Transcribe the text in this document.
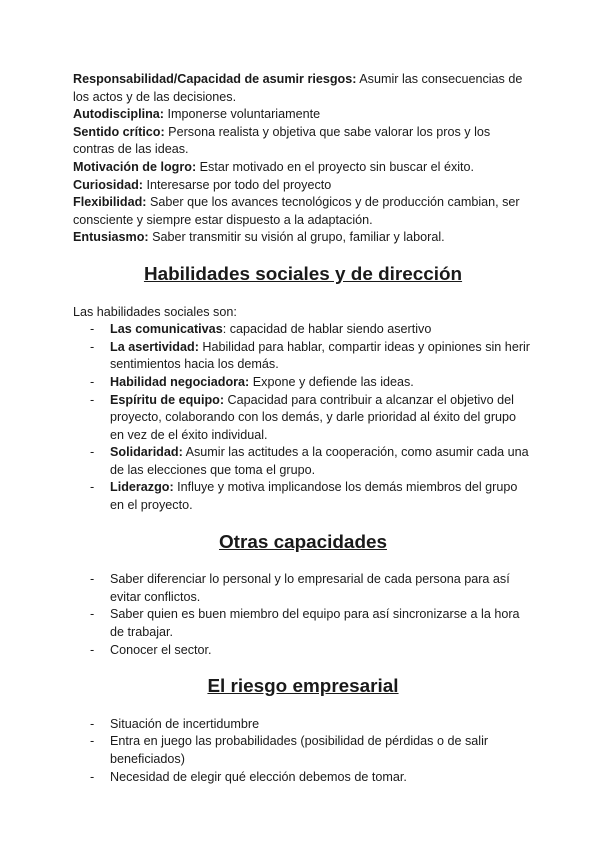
Responsabilidad/Capacidad de asumir riesgos: Asumir las consecuencias de los actos y de las decisiones.

Autodisciplina: Imponerse voluntariamente

Sentido crítico: Persona realista y objetiva que sabe valorar los pros y los contras de las ideas.

Motivación de logro: Estar motivado en el proyecto sin buscar el éxito.

Curiosidad: Interesarse por todo del proyecto

Flexibilidad: Saber que los avances tecnológicos y de producción cambian, ser consciente y siempre estar dispuesto a la adaptación.

Entusiasmo: Saber transmitir su visión al grupo, familiar y laboral.

Habilidades sociales y de dirección

Las habilidades sociales son:

- Las comunicativas: capacidad de hablar siendo asertivo
- La asertividad: Habilidad para hablar, compartir ideas y opiniones sin herir sentimientos hacia los demás.
- Habilidad negociadora: Expone y defiende las ideas.
- Espíritu de equipo: Capacidad para contribuir a alcanzar el objetivo del proyecto, colaborando con los demás, y darle prioridad al éxito del grupo en vez de el éxito individual.
- Solidaridad: Asumir las actitudes a la cooperación, como asumir cada una de las elecciones que toma el grupo.
- Liderazgo: Influye y motiva implicandose los demás miembros del grupo en el proyecto.
Otras capacidades
- Saber diferenciar lo personal y lo empresarial de cada persona para así evitar conflictos.
- Saber quien es buen miembro del equipo para así sincronizarse a la hora de trabajar.
- Conocer el sector.
El riesgo empresarial
- Situación de incertidumbre
- Entra en juego las probabilidades (posibilidad de pérdidas o de salir beneficiados)
- Necesidad de elegir qué elección debemos de tomar.
